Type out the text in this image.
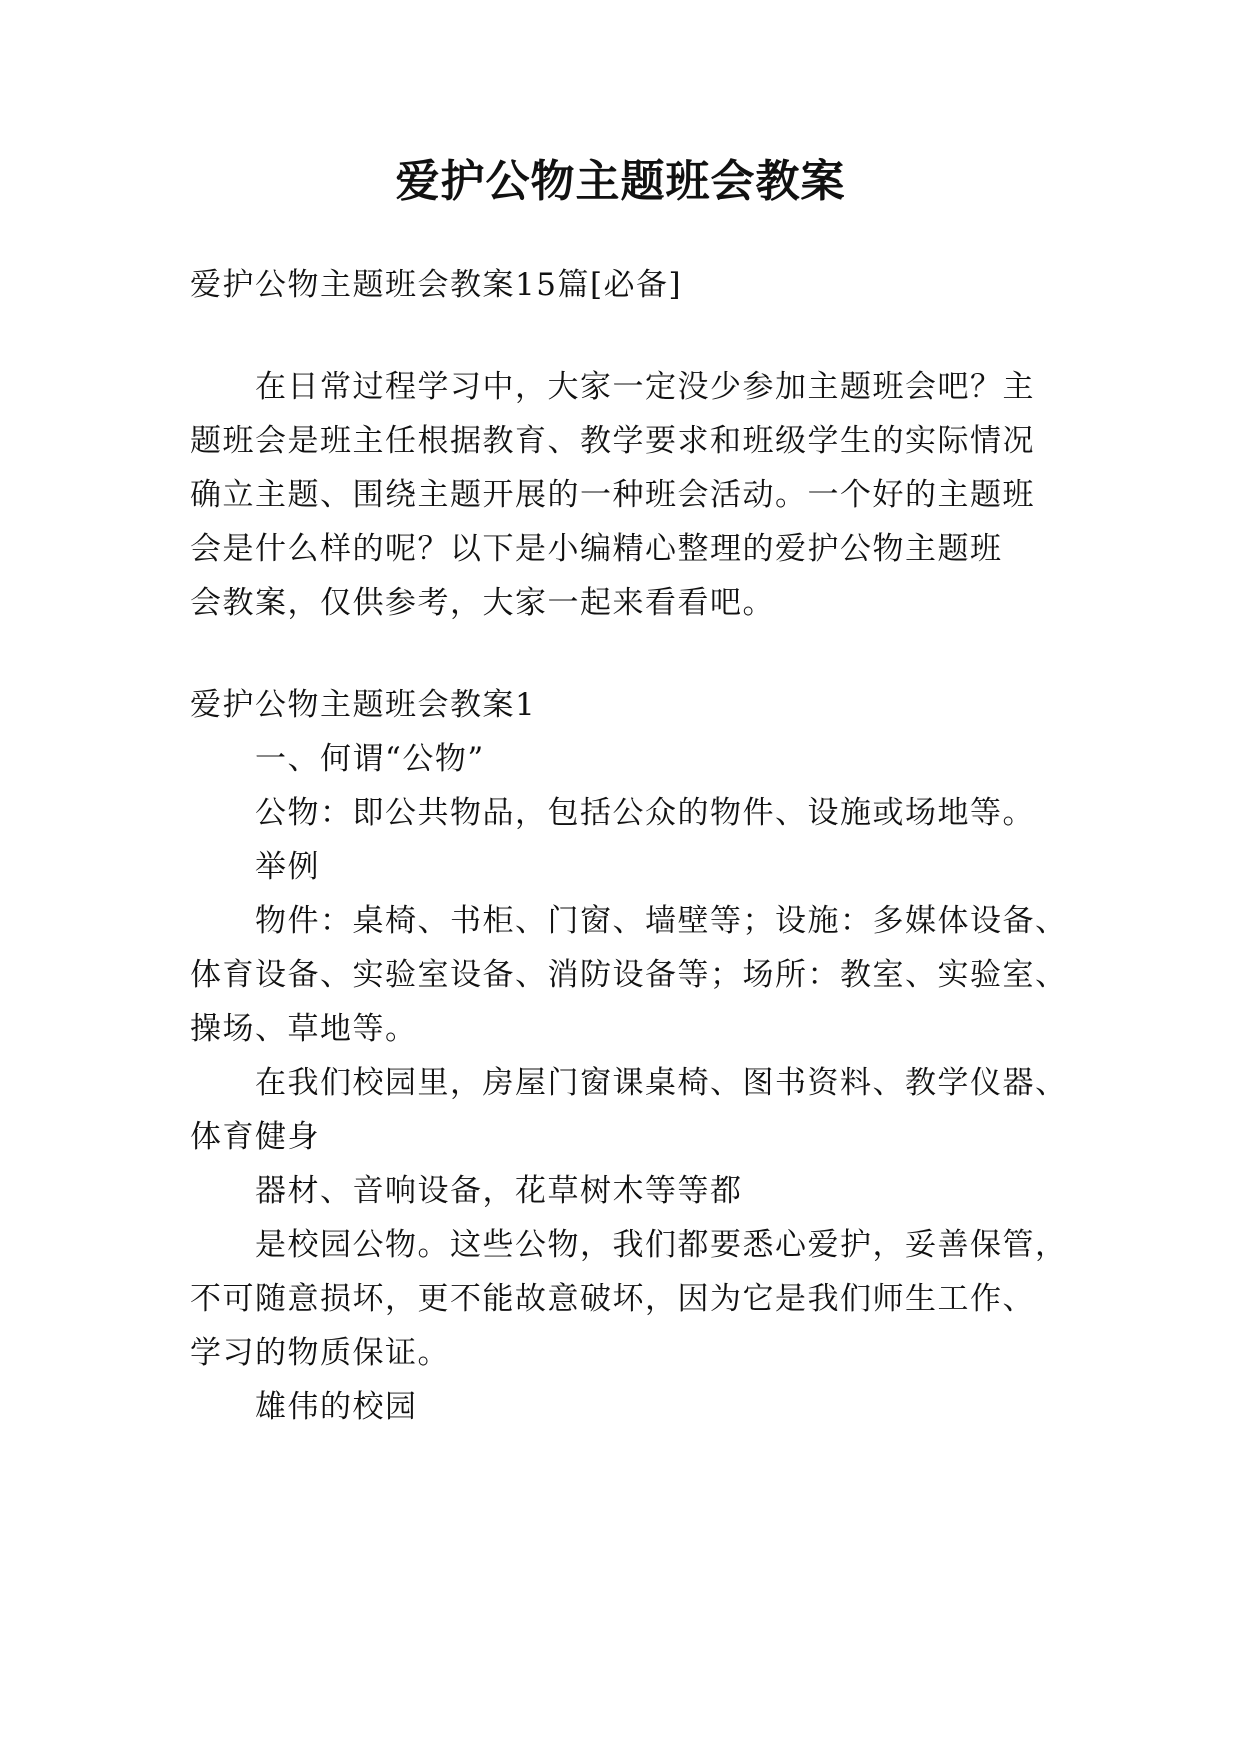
爱护公物主题班会教案
爱护公物主题班会教案15篇[必备]
在日常过程学习中，大家一定没少参加主题班会吧？主
题班会是班主任根据教育、教学要求和班级学生的实际情况
确立主题、围绕主题开展的一种班会活动。一个好的主题班
会是什么样的呢？以下是小编精心整理的爱护公物主题班
会教案，仅供参考，大家一起来看看吧。
爱护公物主题班会教案1
一、何谓“公物”
公物：即公共物品，包括公众的物件、设施或场地等。
举例
物件：桌椅、书柜、门窗、墙壁等；设施：多媒体设备、
体育设备、实验室设备、消防设备等；场所：教室、实验室、
操场、草地等。
在我们校园里，房屋门窗课桌椅、图书资料、教学仪器、
体育健身
器材、音响设备，花草树木等等都
是校园公物。这些公物，我们都要悉心爱护，妥善保管，
不可随意损坏，更不能故意破坏，因为它是我们师生工作、
学习的物质保证。
雄伟的校园
